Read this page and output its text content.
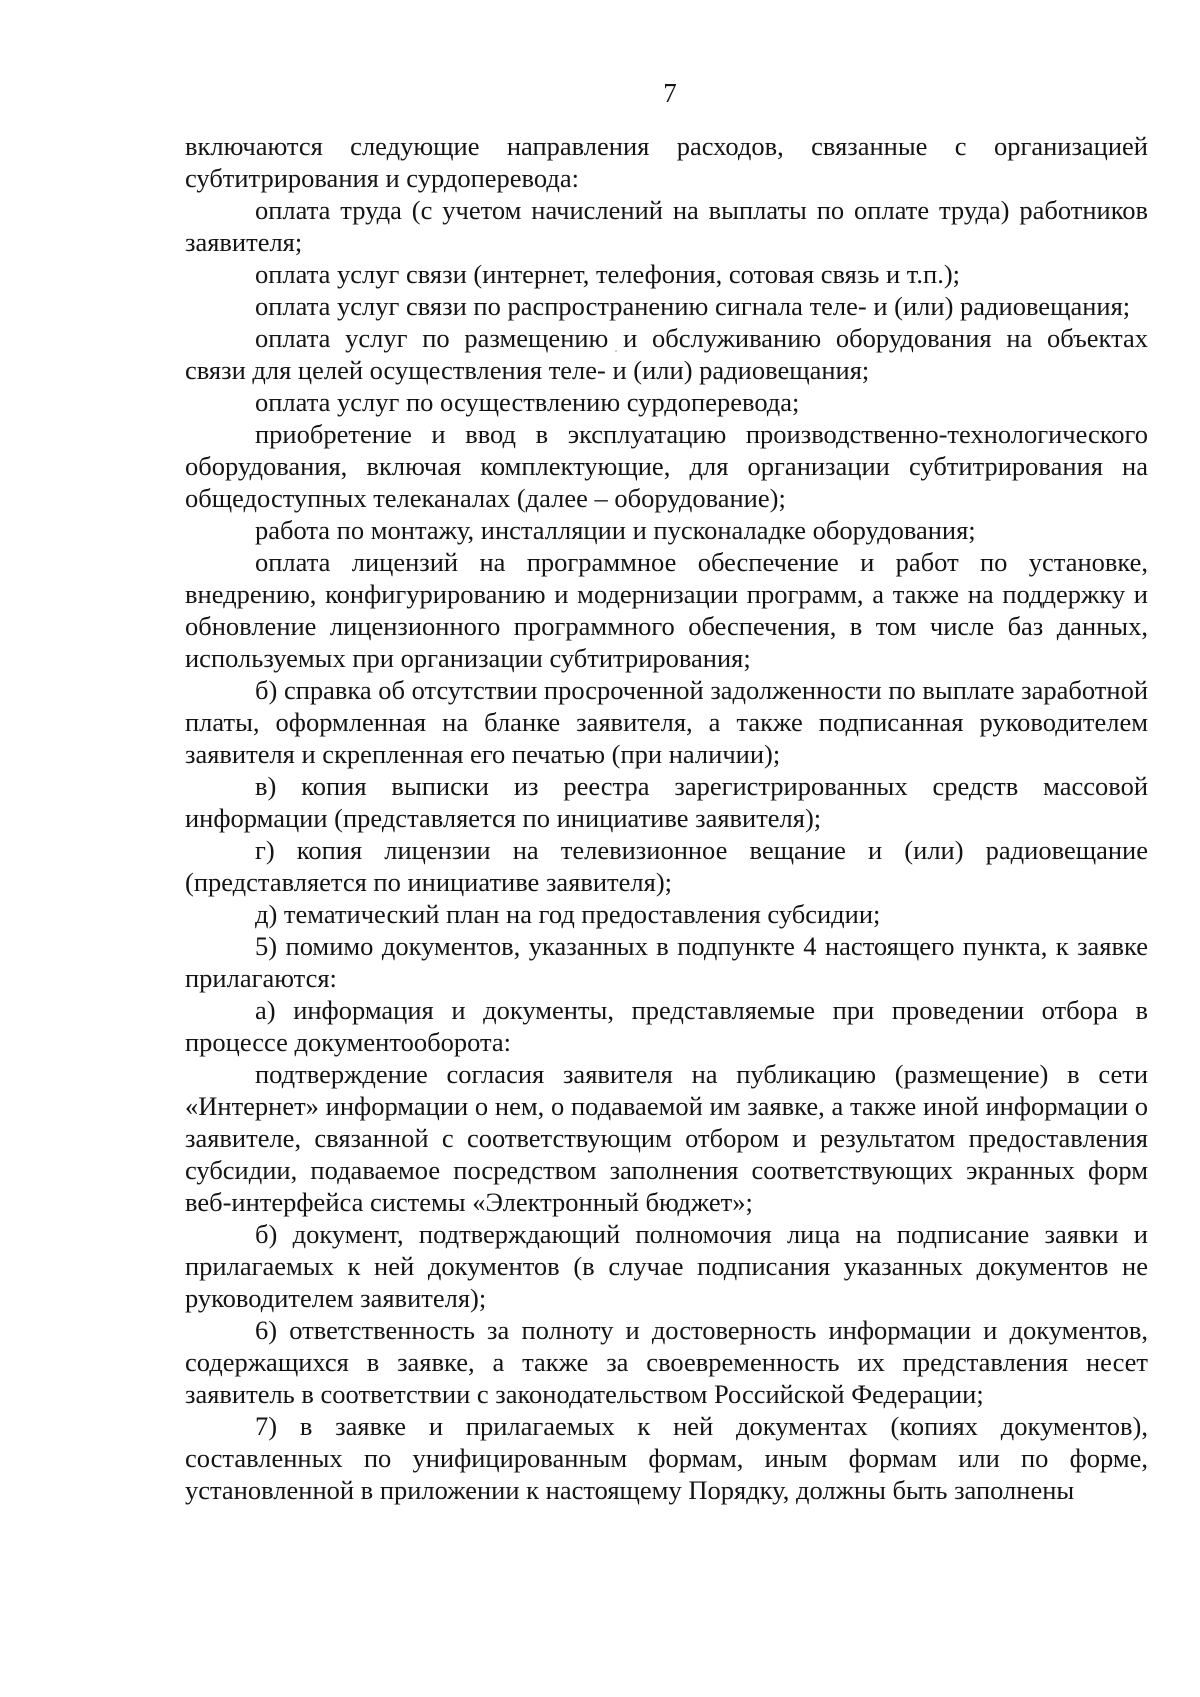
7

включаются следующие направления расходов, связанные с организацией субтитрирования и сурдоперевода:

оплата труда (с учетом начислений на выплаты по оплате труда) работников заявителя;

оплата услуг связи (интернет, телефония, сотовая связь и т.п.);

оплата услуг связи по распространению сигнала теле- и (или) радиовещания;

оплата услуг по размещению и обслуживанию оборудования на объектах связи для целей осуществления теле- и (или) радиовещания;

оплата услуг по осуществлению сурдоперевода;

приобретение и ввод в эксплуатацию производственно-технологического оборудования, включая комплектующие, для организации субтитрирования на общедоступных телеканалах (далее – оборудование);

работа по монтажу, инсталляции и пусконаладке оборудования;

оплата лицензий на программное обеспечение и работ по установке, внедрению, конфигурированию и модернизации программ, а также на поддержку и обновление лицензионного программного обеспечения, в том числе баз данных, используемых при организации субтитрирования;

б) справка об отсутствии просроченной задолженности по выплате заработной платы, оформленная на бланке заявителя, а также подписанная руководителем заявителя и скрепленная его печатью (при наличии);

в) копия выписки из реестра зарегистрированных средств массовой информации (представляется по инициативе заявителя);

г) копия лицензии на телевизионное вещание и (или) радиовещание (представляется по инициативе заявителя);

д) тематический план на год предоставления субсидии;

5) помимо документов, указанных в подпункте 4 настоящего пункта, к заявке прилагаются:

а) информация и документы, представляемые при проведении отбора в процессе документооборота:

подтверждение согласия заявителя на публикацию (размещение) в сети «Интернет» информации о нем, о подаваемой им заявке, а также иной информации о заявителе, связанной с соответствующим отбором и результатом предоставления субсидии, подаваемое посредством заполнения соответствующих экранных форм веб-интерфейса системы «Электронный бюджет»;

б) документ, подтверждающий полномочия лица на подписание заявки и прилагаемых к ней документов (в случае подписания указанных документов не руководителем заявителя);

6) ответственность за полноту и достоверность информации и документов, содержащихся в заявке, а также за своевременность их представления несет заявитель в соответствии с законодательством Российской Федерации;

7) в заявке и прилагаемых к ней документах (копиях документов), составленных по унифицированным формам, иным формам или по форме, установленной в приложении к настоящему Порядку, должны быть заполнены
